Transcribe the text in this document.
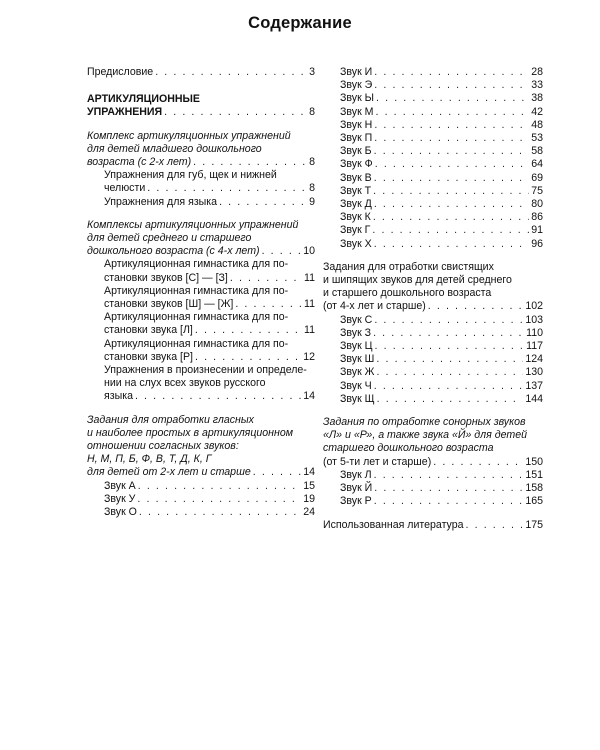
Содержание
Предисловие . . .	3
АРТИКУЛЯЦИОННЫЕ
УПРАЖНЕНИЯ . . .	8
Комплекс артикуляционных упражнений
для детей младшего дошкольного
возраста (с 2-х лет) . . .	8
Упражнения для губ, щек и нижней
челюсти . . .	8
Упражнения для языка . . .	9
Комплексы артикуляционных упражнений
для детей среднего и старшего
дошкольного возраста (с 4-х лет) . . .	10
Артикуляционная гимнастика для по-
становки звуков [С] — [З] . . .	11
Артикуляционная гимнастика для по-
становки звуков [Ш] — [Ж] . . .	11
Артикуляционная гимнастика для по-
становки звука [Л] . . .	11
Артикуляционная гимнастика для по-
становки звука [Р] . . .	12
Упражнения в произнесении и определе-
нии на слух всех звуков русского
языка . . .	14
Задания для отработки гласных
и наиболее простых в артикуляционном
отношении согласных звуков:
Н, М, П, Б, Ф, В, Т, Д, К, Г
для детей от 2-х лет и старше . . .	14
Звук А . . .	15
Звук У . . .	19
Звук О . . .	24
Звук И . . .	28
Звук Э . . .	33
Звук Ы . . .	38
Звук М . . .	42
Звук Н . . .	48
Звук П . . .	53
Звук Б . . .	58
Звук Ф . . .	64
Звук В . . .	69
Звук Т . . .	75
Звук Д . . .	80
Звук К . . .	86
Звук Г . . .	91
Звук Х . . .	96
Задания для отработки свистящих
и шипящих звуков для детей среднего
и старшего дошкольного возраста
(от 4-х лет и старше) . . .	102
Звук С . . .	103
Звук З . . .	110
Звук Ц . . .	117
Звук Ш . . .	124
Звук Ж . . .	130
Звук Ч . . .	137
Звук Щ . . .	144
Задания по отработке сонорных звуков
«Л» и «Р», а также звука «Й» для детей
старшего дошкольного возраста
(от 5-ти лет и старше) . . .	150
Звук Л . . .	151
Звук Й . . .	158
Звук Р . . .	165
Использованная литература . . .	175
